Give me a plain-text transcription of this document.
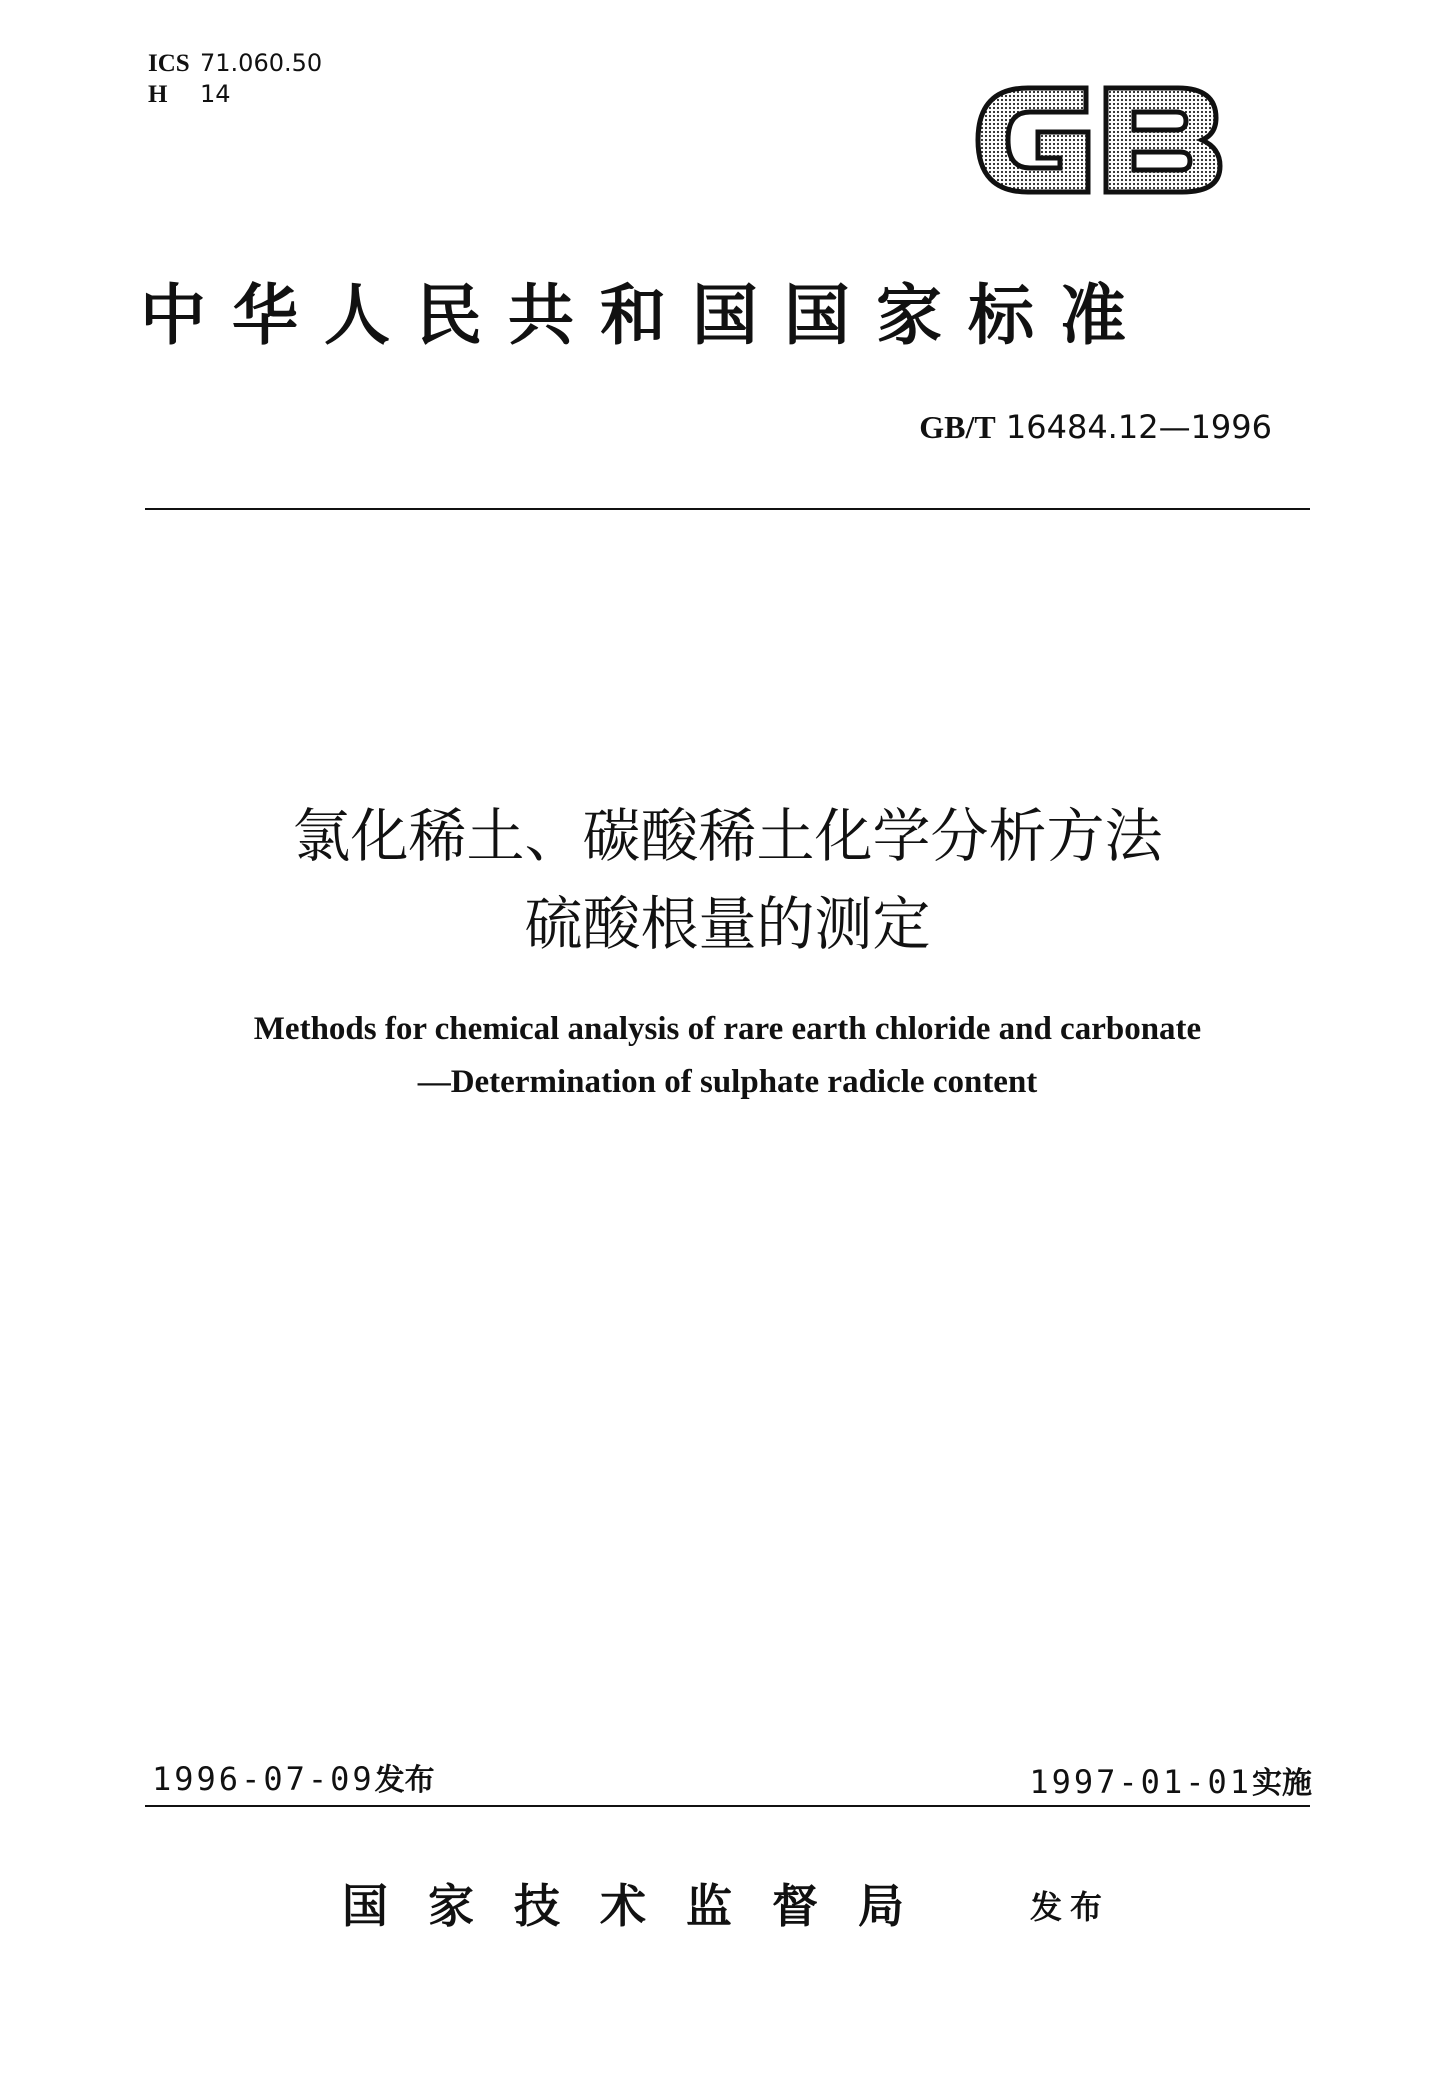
ICS 71.060.50
H 14
中华人民共和国国家标准
GB/T 16484.12—1996
氯化稀土、碳酸稀土化学分析方法
硫酸根量的测定
Methods for chemical analysis of rare earth chloride and carbonate
—Determination of sulphate radicle content
1996-07-09发布	1997-01-01实施
国家技术监督局	发布
